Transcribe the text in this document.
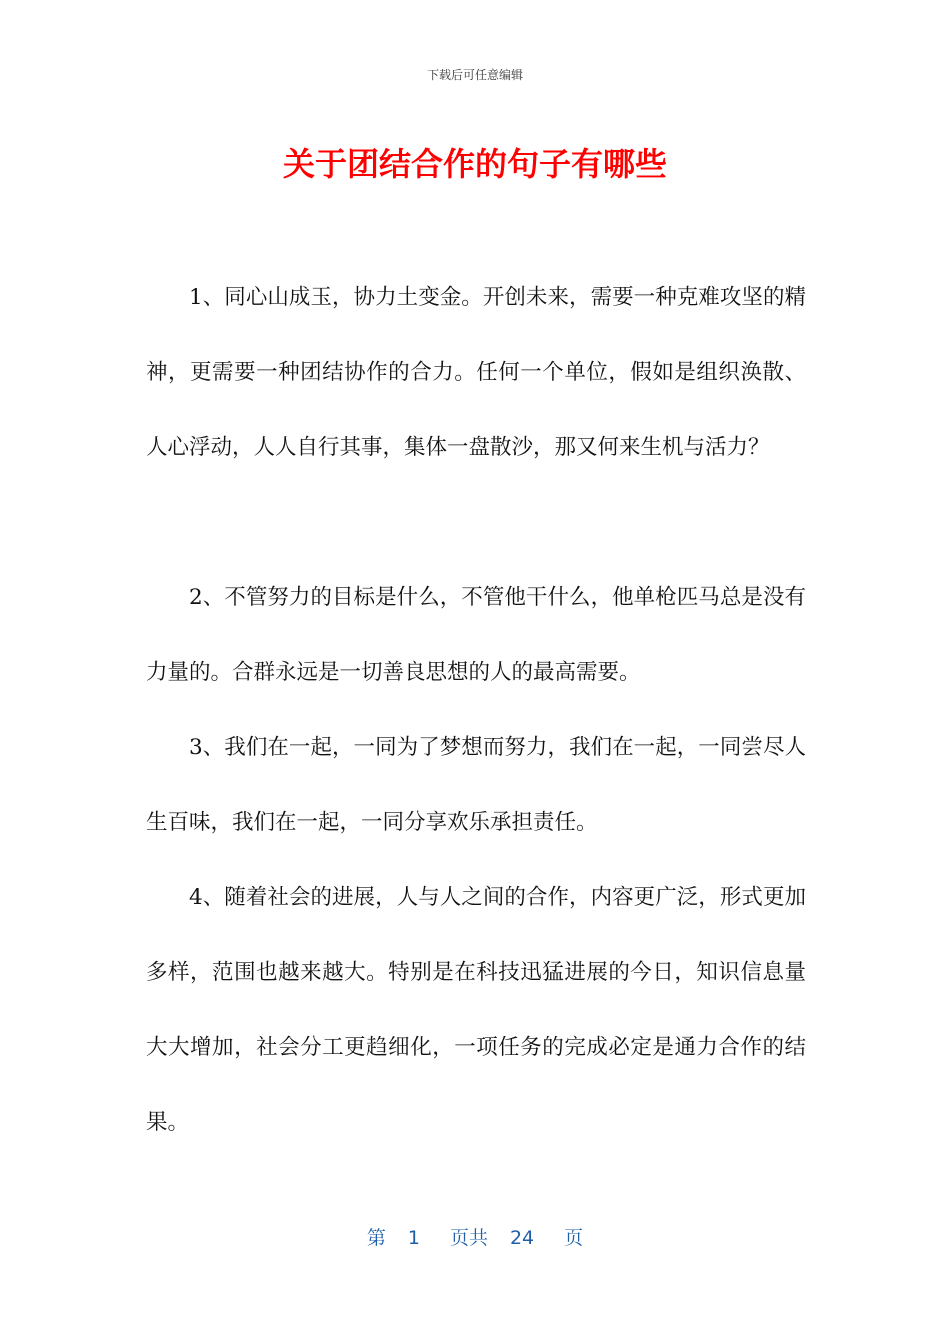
下载后可任意编辑
关于团结合作的句子有哪些

1、同心山成玉，协力土变金。开创未来，需要一种克难攻坚的精神，更需要一种团结协作的合力。任何一个单位，假如是组织涣散、人心浮动，人人自行其事，集体一盘散沙，那又何来生机与活力？

2、不管努力的目标是什么，不管他干什么，他单枪匹马总是没有力量的。合群永远是一切善良思想的人的最高需要。

3、我们在一起，一同为了梦想而努力，我们在一起，一同尝尽人生百味，我们在一起，一同分享欢乐承担责任。

4、随着社会的进展，人与人之间的合作，内容更广泛，形式更加多样，范围也越来越大。特别是在科技迅猛进展的今日，知识信息量大大增加，社会分工更趋细化，一项任务的完成必定是通力合作的结果。

第 1 页共 24 页
